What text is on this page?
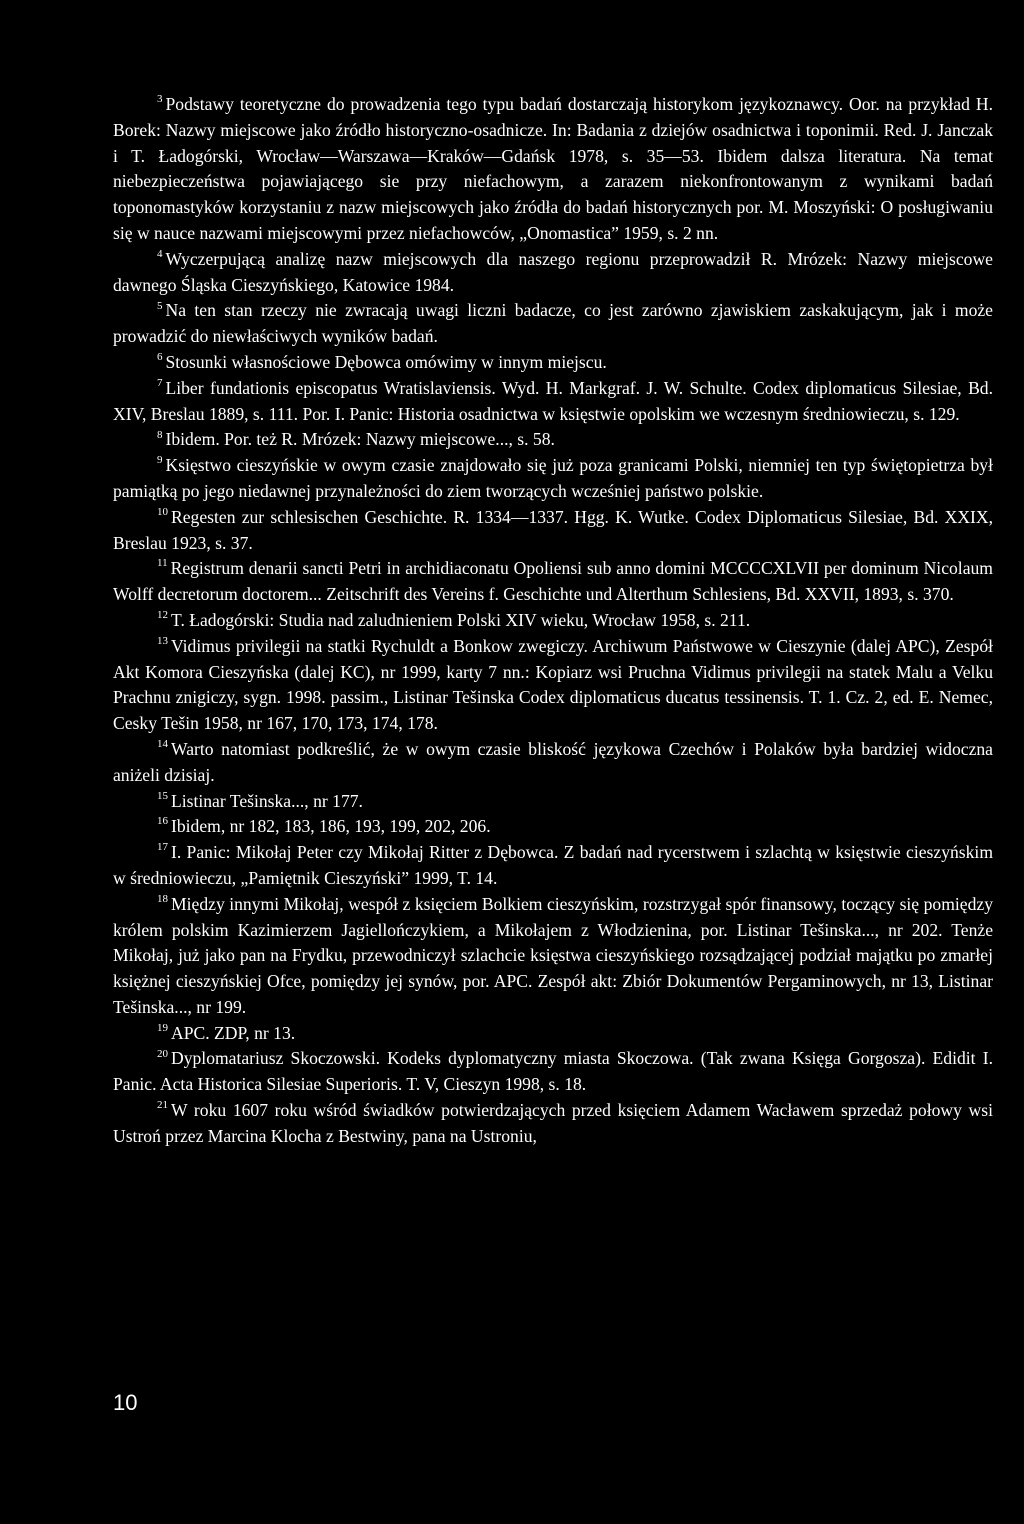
$^3$ Podstawy teoretyczne do prowadzenia tego typu badań dostarczają historykom językoznawcy. Oor. na przykład H. Borek: Nazwy miejscowe jako źródło historyczno-osadnicze. In: Badania z dziejów osadnictwa i toponimii. Red. J. Janczak i T. Ładogórski, Wrocław—Warszawa—Kraków—Gdańsk 1978, s. 35—53. Ibidem dalsza literatura. Na temat niebezpieczeństwa pojawiającego sie przy niefachowym, a zarazem niekonfrontowanym z wynikami badań toponomastyków korzystaniu z nazw miejscowych jako źródła do badań historycznych por. M. Moszyński: O posługiwaniu się w nauce nazwami miejscowymi przez niefachowców, „Onomastica” 1959, s. 2 nn.

$^4$ Wyczerpującą analizę nazw miejscowych dla naszego regionu przeprowadził R. Mrózek: Nazwy miejscowe dawnego Śląska Cieszyńskiego, Katowice 1984.

$^5$ Na ten stan rzeczy nie zwracają uwagi liczni badacze, co jest zarówno zjawiskiem zaskakującym, jak i może prowadzić do niewłaściwych wyników badań.

$^6$ Stosunki własnościowe Dębowca omówimy w innym miejscu.

$^7$ Liber fundationis episcopatus Wratislaviensis. Wyd. H. Markgraf. J. W. Schulte. Codex diplomaticus Silesiae, Bd. XIV, Breslau 1889, s. 111. Por. I. Panic: Historia osadnictwa w księstwie opolskim we wczesnym średniowieczu, s. 129.

$^8$ Ibidem. Por. też R. Mrózek: Nazwy miejscowe..., s. 58.

$^9$ Księstwo cieszyńskie w owym czasie znajdowało się już poza granicami Polski, niemniej ten typ świętopietrza był pamiątką po jego niedawnej przynależności do ziem tworzących wcześniej państwo polskie.

$^{10}$ Regesten zur schlesischen Geschichte. R. 1334—1337. Hgg. K. Wutke. Codex Diplomaticus Silesiae, Bd. XXIX, Breslau 1923, s. 37.

$^{11}$ Registrum denarii sancti Petri in archidiaconatu Opoliensi sub anno domini MCCCCXLVII per dominum Nicolaum Wolff decretorum doctorem... Zeitschrift des Vereins f. Geschichte und Alterthum Schlesiens, Bd. XXVII, 1893, s. 370.

$^{12}$ T. Ładogórski: Studia nad zaludnieniem Polski XIV wieku, Wrocław 1958, s. 211.

$^{13}$ Vidimus privilegii na statki Rychuldt a Bonkow zwegiczy. Archiwum Państwowe w Cieszynie (dalej APC), Zespół Akt Komora Cieszyńska (dalej KC), nr 1999, karty 7 nn.: Kopiarz wsi Pruchna Vidimus privilegii na statek Malu a Velku Prachnu znigiczy, sygn. 1998. passim., Listinar Tešinska Codex diplomaticus ducatus tessinensis. T. 1. Cz. 2, ed. E. Nemec, Cesky Tešin 1958, nr 167, 170, 173, 174, 178.

$^{14}$ Warto natomiast podkreślić, że w owym czasie bliskość językowa Czechów i Polaków była bardziej widoczna aniżeli dzisiaj.

$^{15}$ Listinar Tešinska..., nr 177.

$^{16}$ Ibidem, nr 182, 183, 186, 193, 199, 202, 206.

$^{17}$ I. Panic: Mikołaj Peter czy Mikołaj Ritter z Dębowca. Z badań nad rycerstwem i szlachtą w księstwie cieszyńskim w średniowieczu, „Pamiętnik Cieszyński” 1999, T. 14.

$^{18}$ Między innymi Mikołaj, wespół z księciem Bolkiem cieszyńskim, rozstrzygał spór finansowy, toczący się pomiędzy królem polskim Kazimierzem Jagiellończykiem, a Mikołajem z Włodzienina, por. Listinar Tešinska..., nr 202. Tenże Mikołaj, już jako pan na Frydku, przewodniczył szlachcie księstwa cieszyńskiego rozsądzającej podział majątku po zmarłej księżnej cieszyńskiej Ofce, pomiędzy jej synów, por. APC. Zespół akt: Zbiór Dokumentów Pergaminowych, nr 13, Listinar Tešinska..., nr 199.

$^{19}$ APC. ZDP, nr 13.

$^{20}$ Dyplomatariusz Skoczowski. Kodeks dyplomatyczny miasta Skoczowa. (Tak zwana Księga Gorgosza). Edidit I. Panic. Acta Historica Silesiae Superioris. T. V, Cieszyn 1998, s. 18.

$^{21}$ W roku 1607 roku wśród świadków potwierdzających przed księciem Adamem Wacławem sprzedaż połowy wsi Ustroń przez Marcina Klocha z Bestwiny, pana na Ustroniu,

10
